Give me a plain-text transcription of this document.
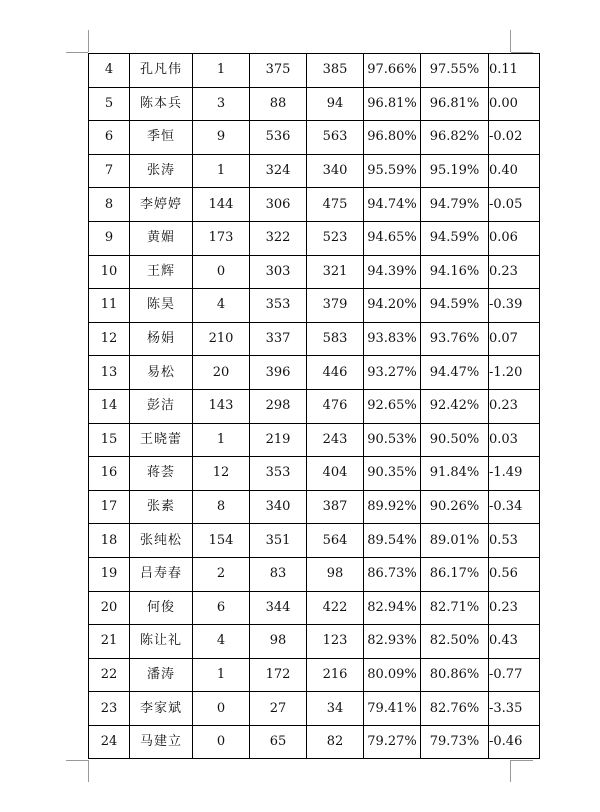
4	孔凡伟	1	375	385	97.66%	97.55%	0.11
5	陈本兵	3	88	94	96.81%	96.81%	0.00
6	季恒	9	536	563	96.80%	96.82%	-0.02
7	张涛	1	324	340	95.59%	95.19%	0.40
8	李婷婷	144	306	475	94.74%	94.79%	-0.05
9	黄媚	173	322	523	94.65%	94.59%	0.06
10	王辉	0	303	321	94.39%	94.16%	0.23
11	陈昊	4	353	379	94.20%	94.59%	-0.39
12	杨娟	210	337	583	93.83%	93.76%	0.07
13	易松	20	396	446	93.27%	94.47%	-1.20
14	彭洁	143	298	476	92.65%	92.42%	0.23
15	王晓蕾	1	219	243	90.53%	90.50%	0.03
16	蒋荟	12	353	404	90.35%	91.84%	-1.49
17	张素	8	340	387	89.92%	90.26%	-0.34
18	张纯松	154	351	564	89.54%	89.01%	0.53
19	吕寿春	2	83	98	86.73%	86.17%	0.56
20	何俊	6	344	422	82.94%	82.71%	0.23
21	陈让礼	4	98	123	82.93%	82.50%	0.43
22	潘涛	1	172	216	80.09%	80.86%	-0.77
23	李家斌	0	27	34	79.41%	82.76%	-3.35
24	马建立	0	65	82	79.27%	79.73%	-0.46
